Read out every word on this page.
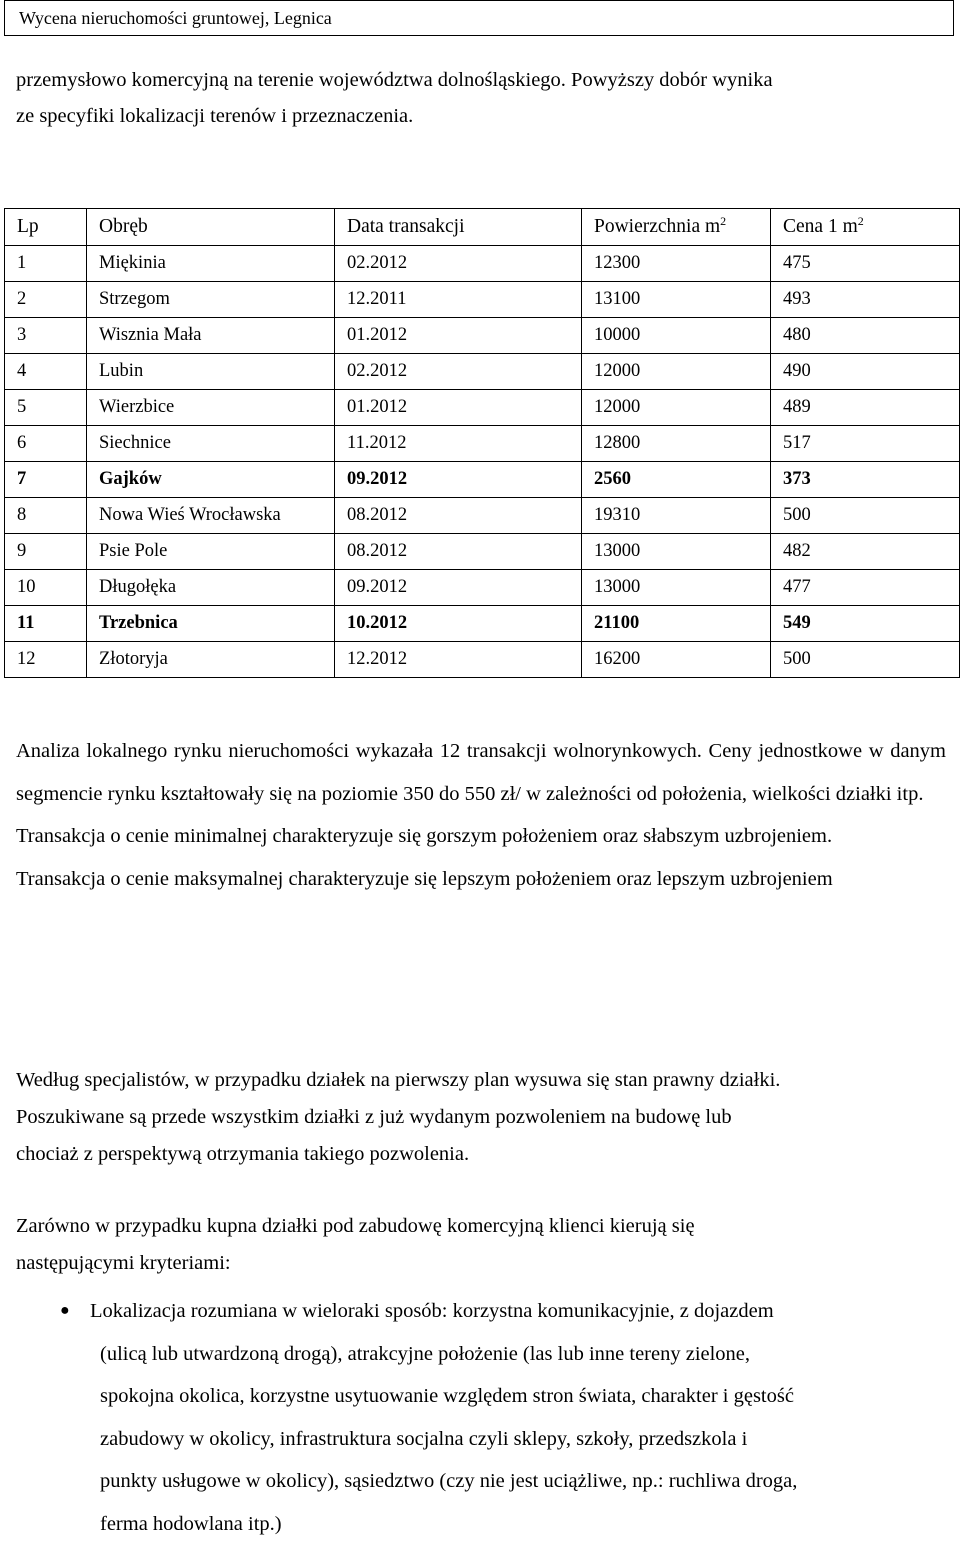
Wycena nieruchomości gruntowej, Legnica
przemysłowo komercyjną na terenie województwa dolnośląskiego. Powyższy dobór wynika
ze specyfiki lokalizacji terenów i przeznaczenia.
Lp	Obręb	Data transakcji	Powierzchnia $m^2$	Cena 1 $m^2$
1	Miękinia	02.2012	12300	475
2	Strzegom	12.2011	13100	493
3	Wisznia Mała	01.2012	10000	480
4	Lubin	02.2012	12000	490
5	Wierzbice	01.2012	12000	489
6	Siechnice	11.2012	12800	517
7	Gajków	09.2012	2560	373
8	Nowa Wieś Wrocławska	08.2012	19310	500
9	Psie Pole	08.2012	13000	482
10	Długołęka	09.2012	13000	477
11	Trzebnica	10.2012	21100	549
12	Złotoryja	12.2012	16200	500

Analiza lokalnego rynku nieruchomości wykazała 12 transakcji wolnorynkowych. Ceny jednostkowe w danym segmencie rynku kształtowały się na poziomie 350 do 550 zł/ w zależności od położenia, wielkości działki itp.

Transakcja o cenie minimalnej charakteryzuje się gorszym położeniem oraz słabszym uzbrojeniem.

Transakcja o cenie maksymalnej charakteryzuje się lepszym położeniem oraz lepszym uzbrojeniem

Według specjalistów, w przypadku działek na pierwszy plan wysuwa się stan prawny działki.
Poszukiwane są przede wszystkim działki z już wydanym pozwoleniem na budowę lub
chociaż z perspektywą otrzymania takiego pozwolenia.
Zarówno w przypadku kupna działki pod zabudowę komercyjną klienci kierują się
następującymi kryteriami:
● Lokalizacja rozumiana w wieloraki sposób: korzystna komunikacyjnie, z dojazdem
(ulicą lub utwardzoną drogą), atrakcyjne położenie (las lub inne tereny zielone,
spokojna okolica, korzystne usytuowanie względem stron świata, charakter i gęstość
zabudowy w okolicy, infrastruktura socjalna czyli sklepy, szkoły, przedszkola i
punkty usługowe w okolicy), sąsiedztwo (czy nie jest uciążliwe, np.: ruchliwa droga,
ferma hodowlana itp.)
